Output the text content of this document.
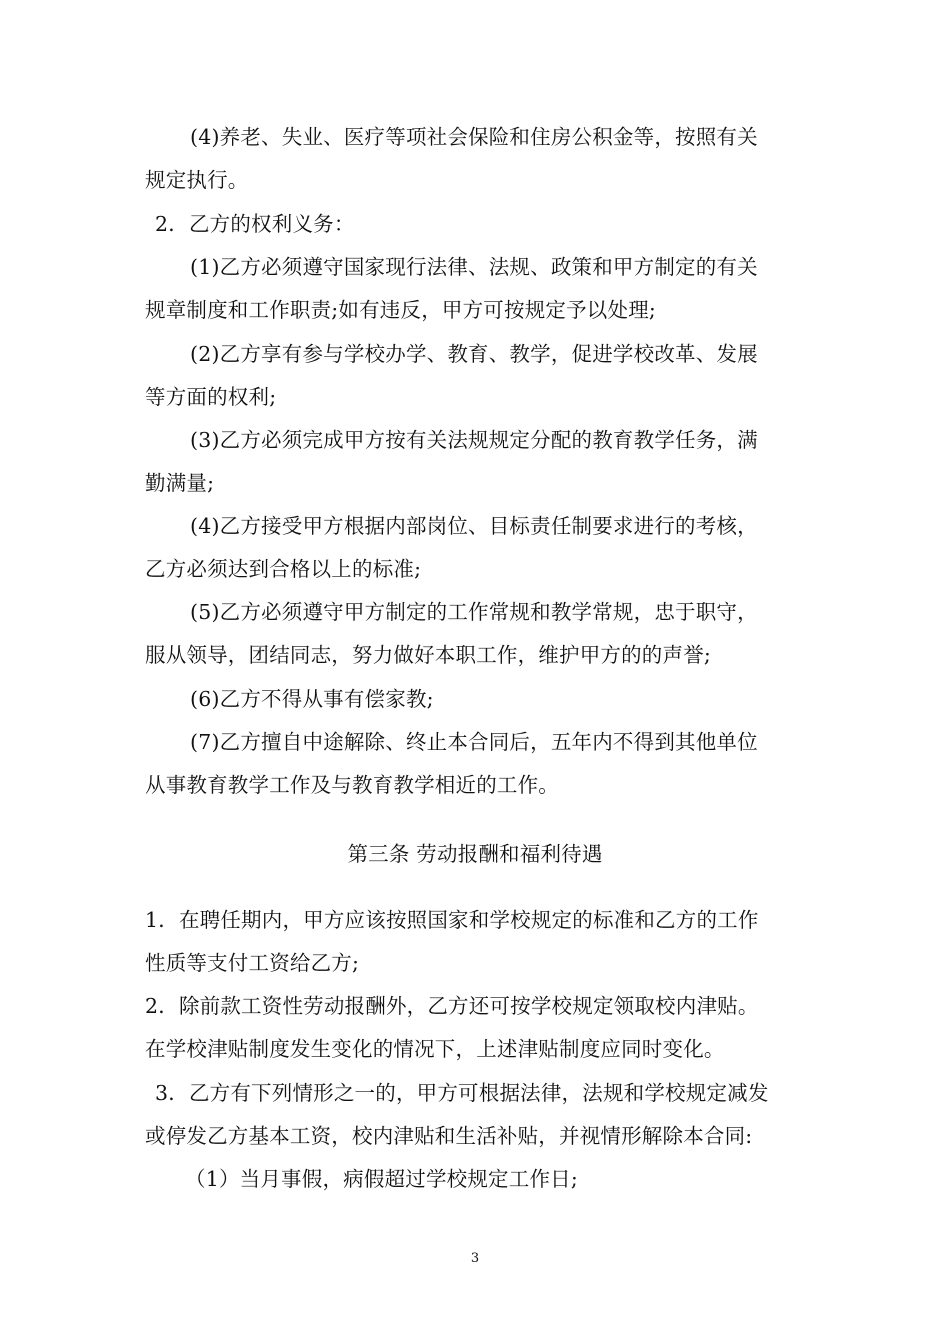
(4)养老、失业、医疗等项社会保险和住房公积金等，按照有关
规定执行。
2．乙方的权利义务：
(1)乙方必须遵守国家现行法律、法规、政策和甲方制定的有关
规章制度和工作职责;如有违反，甲方可按规定予以处理;
(2)乙方享有参与学校办学、教育、教学，促进学校改革、发展
等方面的权利;
(3)乙方必须完成甲方按有关法规规定分配的教育教学任务，满
勤满量;
(4)乙方接受甲方根据内部岗位、目标责任制要求进行的考核，
乙方必须达到合格以上的标准;
(5)乙方必须遵守甲方制定的工作常规和教学常规，忠于职守，
服从领导，团结同志，努力做好本职工作，维护甲方的的声誉;
(6)乙方不得从事有偿家教;
(7)乙方擅自中途解除、终止本合同后，五年内不得到其他单位
从事教育教学工作及与教育教学相近的工作。
第三条 劳动报酬和福利待遇
1．在聘任期内，甲方应该按照国家和学校规定的标准和乙方的工作
性质等支付工资给乙方;
2．除前款工资性劳动报酬外，乙方还可按学校规定领取校内津贴。
在学校津贴制度发生变化的情况下，上述津贴制度应同时变化。
3．乙方有下列情形之一的，甲方可根据法律，法规和学校规定减发
或停发乙方基本工资，校内津贴和生活补贴，并视情形解除本合同:
（1）当月事假，病假超过学校规定工作日;
3
